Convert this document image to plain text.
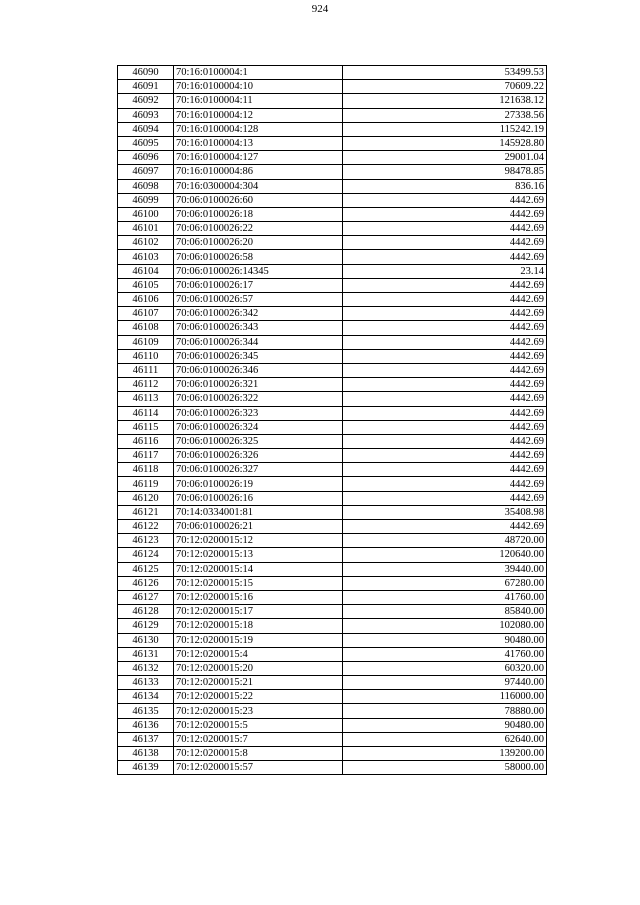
924
46090	70:16:0100004:1	53499.53
46091	70:16:0100004:10	70609.22
46092	70:16:0100004:11	121638.12
46093	70:16:0100004:12	27338.56
46094	70:16:0100004:128	115242.19
46095	70:16:0100004:13	145928.80
46096	70:16:0100004:127	29001.04
46097	70:16:0100004:86	98478.85
46098	70:16:0300004:304	836.16
46099	70:06:0100026:60	4442.69
46100	70:06:0100026:18	4442.69
46101	70:06:0100026:22	4442.69
46102	70:06:0100026:20	4442.69
46103	70:06:0100026:58	4442.69
46104	70:06:0100026:14345	23.14
46105	70:06:0100026:17	4442.69
46106	70:06:0100026:57	4442.69
46107	70:06:0100026:342	4442.69
46108	70:06:0100026:343	4442.69
46109	70:06:0100026:344	4442.69
46110	70:06:0100026:345	4442.69
46111	70:06:0100026:346	4442.69
46112	70:06:0100026:321	4442.69
46113	70:06:0100026:322	4442.69
46114	70:06:0100026:323	4442.69
46115	70:06:0100026:324	4442.69
46116	70:06:0100026:325	4442.69
46117	70:06:0100026:326	4442.69
46118	70:06:0100026:327	4442.69
46119	70:06:0100026:19	4442.69
46120	70:06:0100026:16	4442.69
46121	70:14:0334001:81	35408.98
46122	70:06:0100026:21	4442.69
46123	70:12:0200015:12	48720.00
46124	70:12:0200015:13	120640.00
46125	70:12:0200015:14	39440.00
46126	70:12:0200015:15	67280.00
46127	70:12:0200015:16	41760.00
46128	70:12:0200015:17	85840.00
46129	70:12:0200015:18	102080.00
46130	70:12:0200015:19	90480.00
46131	70:12:0200015:4	41760.00
46132	70:12:0200015:20	60320.00
46133	70:12:0200015:21	97440.00
46134	70:12:0200015:22	116000.00
46135	70:12:0200015:23	78880.00
46136	70:12:0200015:5	90480.00
46137	70:12:0200015:7	62640.00
46138	70:12:0200015:8	139200.00
46139	70:12:0200015:57	58000.00
